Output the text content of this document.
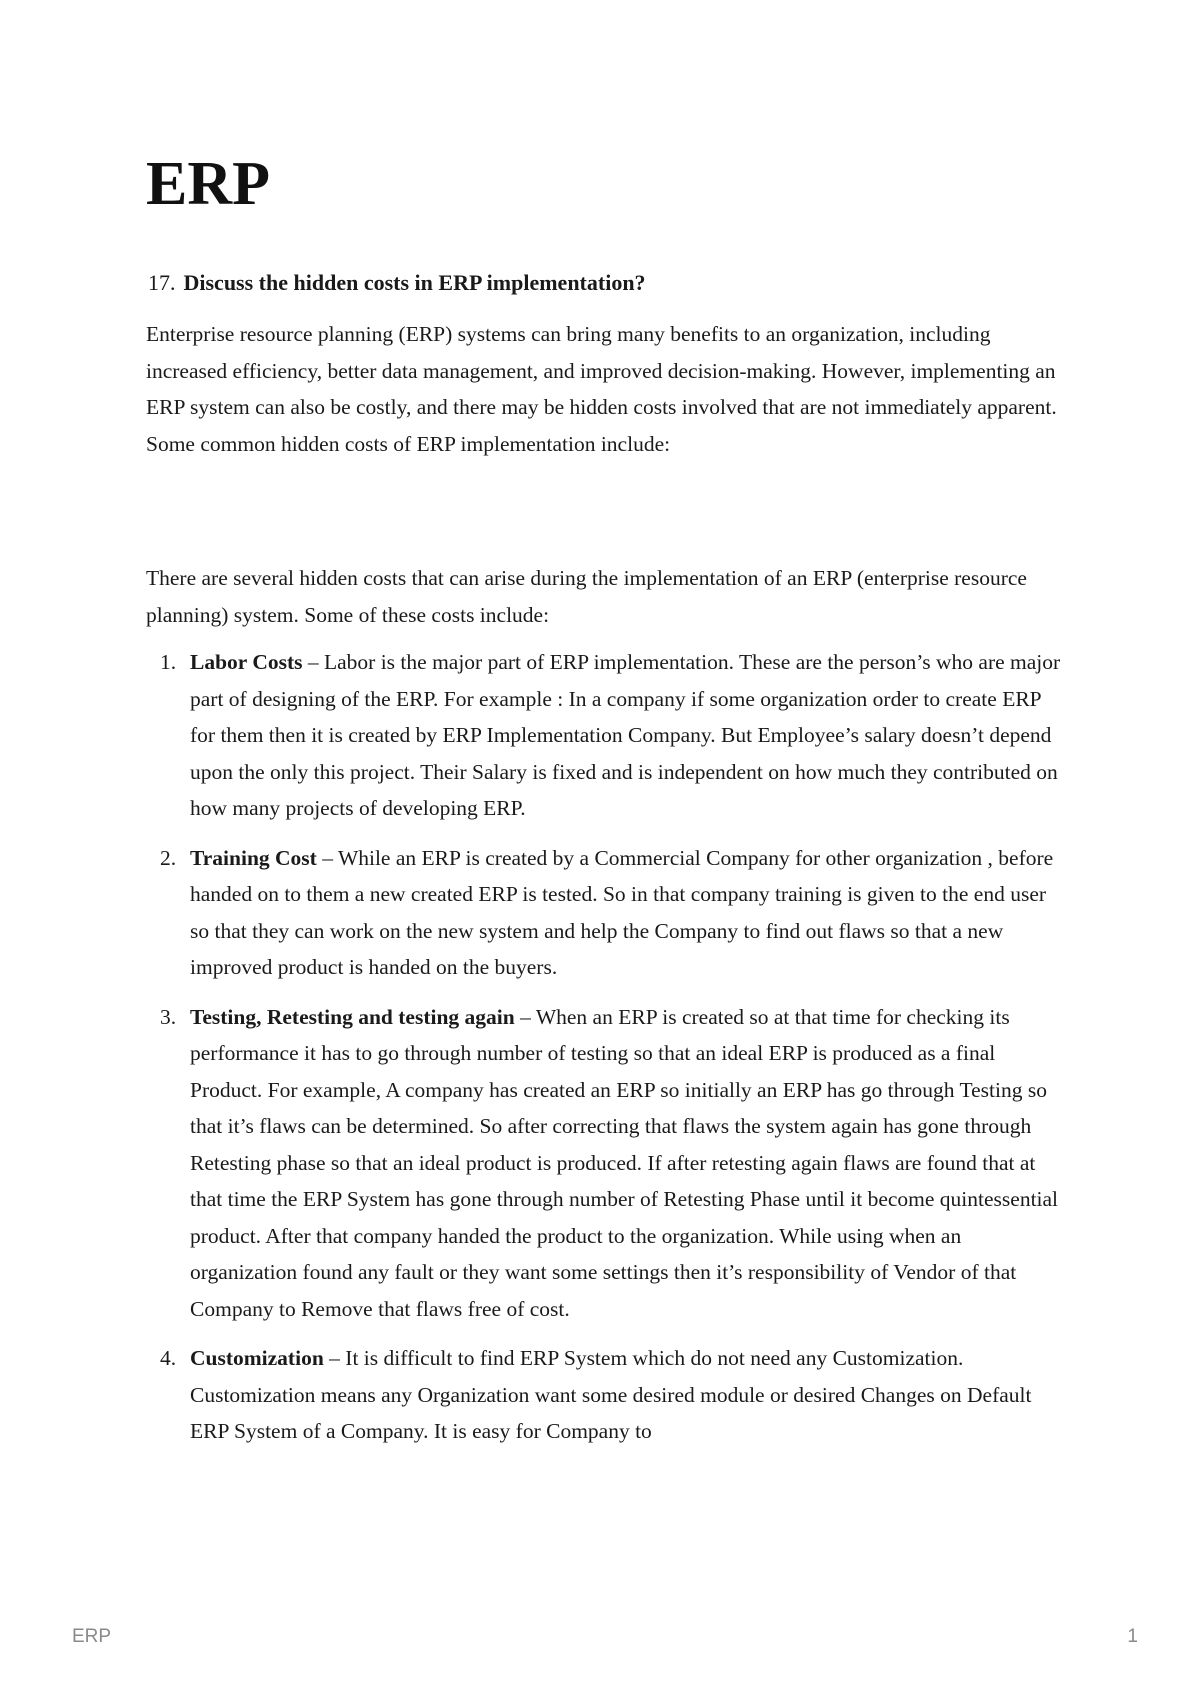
ERP

17. Discuss the hidden costs in ERP implementation?

Enterprise resource planning (ERP) systems can bring many benefits to an organization, including increased efficiency, better data management, and improved decision-making. However, implementing an ERP system can also be costly, and there may be hidden costs involved that are not immediately apparent. Some common hidden costs of ERP implementation include:

There are several hidden costs that can arise during the implementation of an ERP (enterprise resource planning) system. Some of these costs include:

1. Labor Costs – Labor is the major part of ERP implementation. These are the person’s who are major part of designing of the ERP. For example : In a company if some organization order to create ERP for them then it is created by ERP Implementation Company. But Employee’s salary doesn’t depend upon the only this project. Their Salary is fixed and is independent on how much they contributed on how many projects of developing ERP.
2. Training Cost – While an ERP is created by a Commercial Company for other organization , before handed on to them a new created ERP is tested. So in that company training is given to the end user so that they can work on the new system and help the Company to find out flaws so that a new improved product is handed on the buyers.
3. Testing, Retesting and testing again – When an ERP is created so at that time for checking its performance it has to go through number of testing so that an ideal ERP is produced as a final Product. For example, A company has created an ERP so initially an ERP has go through Testing so that it’s flaws can be determined. So after correcting that flaws the system again has gone through Retesting phase so that an ideal product is produced. If after retesting again flaws are found that at that time the ERP System has gone through number of Retesting Phase until it become quintessential product. After that company handed the product to the organization. While using when an organization found any fault or they want some settings then it’s responsibility of Vendor of that Company to Remove that flaws free of cost.
4. Customization – It is difficult to find ERP System which do not need any Customization. Customization means any Organization want some desired module or desired Changes on Default ERP System of a Company. It is easy for Company to
ERP	1
